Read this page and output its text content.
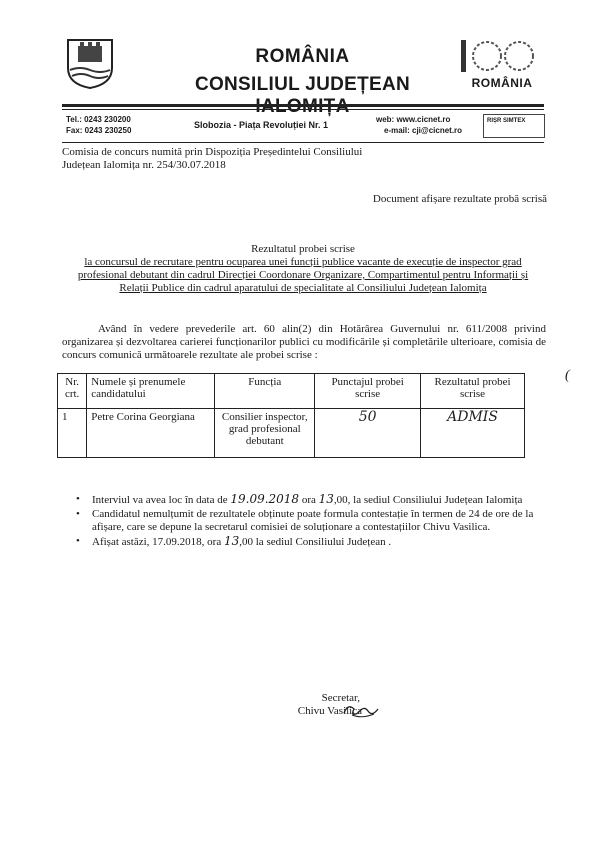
ROMÂNIA
CONSILIUL JUDEȚEAN	ROMÂNIA
Tel.: 0243 230200
Fax: 0243 230250
Slobozia - Piața Revoluției Nr. 1
web: www.cicnet.ro
e-mail: cji@cicnet.ro
RIȘR SIMTEX
Comisia de concurs numită prin Dispoziția Președintelui Consiliului Județean Ialomița nr. 254/30.07.2018
Document afișare rezultate probă scrisă
Rezultatul probei scrise
la concursul de recrutare pentru ocuparea unei funcții publice vacante de execuție de inspector grad profesional debutant din cadrul Direcției Coordonare Organizare, Compartimentul pentru Informații și Relații Publice din cadrul aparatului de specialitate al Consiliului Județean Ialomița
Având în vedere prevederile art. 60 alin(2) din Hotărârea Guvernului nr. 611/2008 privind organizarea și dezvoltarea carierei funcționarilor publici cu modificările și completările ulterioare, comisia de concurs comunică următoarele rezultate ale probei scrise :
(
Nr. crt.	Numele și prenumele candidatului	Funcția	Punctajul probei scrise	Rezultatul probei scrise
1	Petre Corina Georgiana	Consilier inspector, grad profesional debutant	50	ADMIS
• Interviul va avea loc în data de 19.09.2018 ora 13,00, la sediul Consiliului Județean Ialomița
• Candidatul nemulțumit de rezultatele obținute poate formula contestație în termen de 24 de ore de la afișare, care se depune la secretarul comisiei de soluționare a contestațiilor Chivu Vasilica.
• Afișat astăzi, 17.09.2018, ora 13,00 la sediul Consiliului Județean .
Secretar,
Chivu Vasilica
